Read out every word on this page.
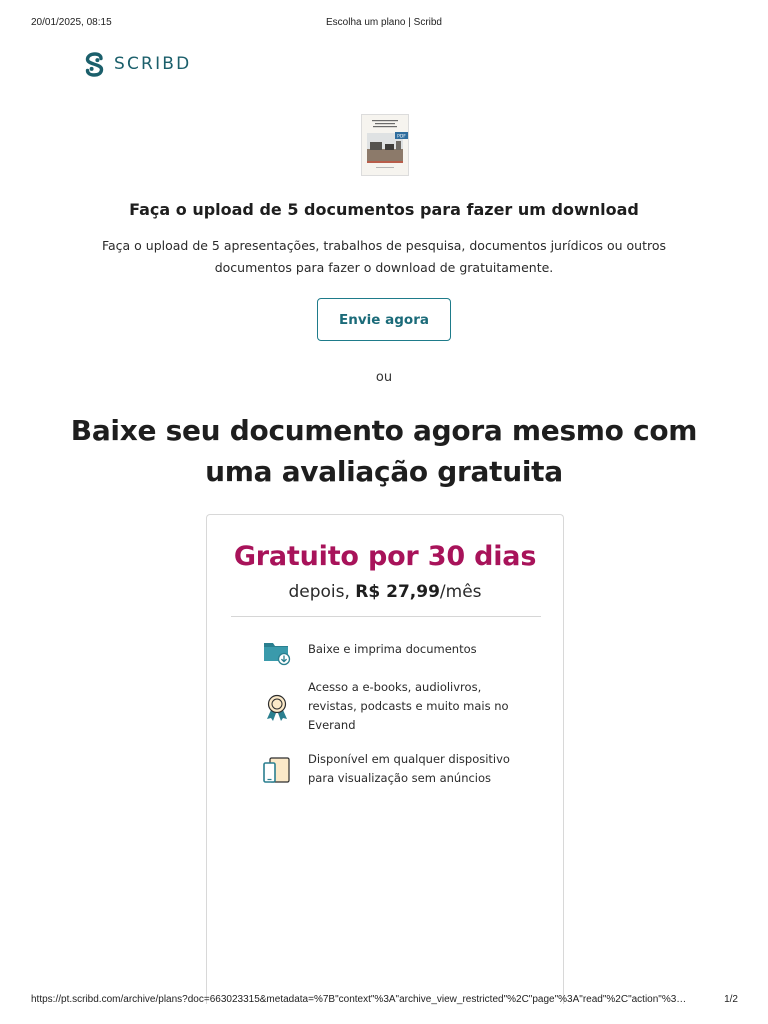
20/01/2025, 08:15	Escolha um plano | Scribd
SCRIBD
PDF
Faça o upload de 5 documentos para fazer um download
Faça o upload de 5 apresentações, trabalhos de pesquisa, documentos jurídicos ou outros documentos para fazer o download de gratuitamente.
Envie agora
ou
Baixe seu documento agora mesmo com uma avaliação gratuita
Gratuito por 30 dias
depois, R$ 27,99/mês
Baixe e imprima documentos
Acesso a e-books, audiolivros, revistas, podcasts e muito mais no Everand
Disponível em qualquer dispositivo para visualização sem anúncios
https://pt.scribd.com/archive/plans?doc=663023315&metadata=%7B"context"%3A"archive_view_restricted"%2C"page"%3A"read"%2C"action"%3…	1/2
